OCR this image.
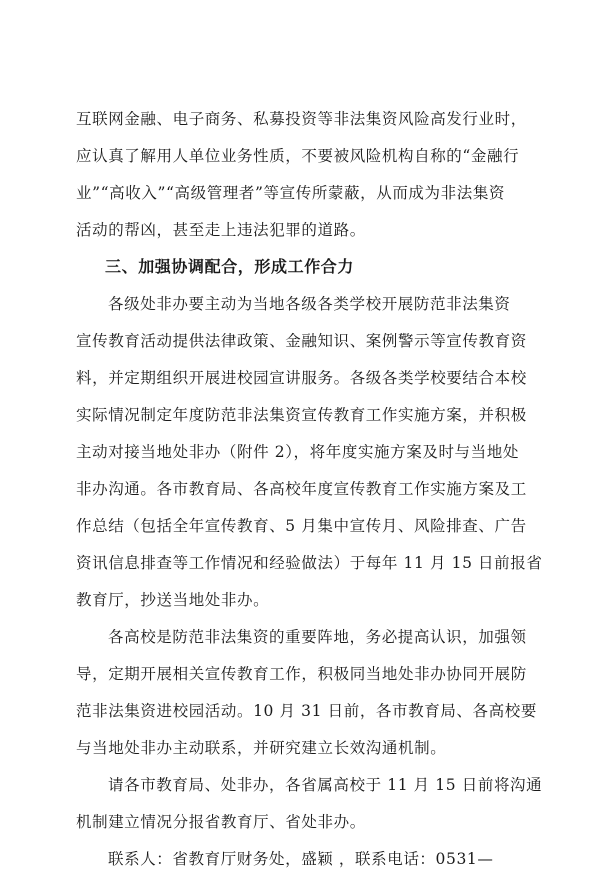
互联网金融、电子商务、私募投资等非法集资风险高发行业时，
应认真了解用人单位业务性质，不要被风险机构自称的“金融行
业”“高收入”“高级管理者”等宣传所蒙蔽，从而成为非法集资
活动的帮凶，甚至走上违法犯罪的道路。
三、加强协调配合，形成工作合力
各级处非办要主动为当地各级各类学校开展防范非法集资
宣传教育活动提供法律政策、金融知识、案例警示等宣传教育资
料，并定期组织开展进校园宣讲服务。各级各类学校要结合本校
实际情况制定年度防范非法集资宣传教育工作实施方案，并积极
主动对接当地处非办（附件 2），将年度实施方案及时与当地处
非办沟通。各市教育局、各高校年度宣传教育工作实施方案及工
作总结（包括全年宣传教育、5 月集中宣传月、风险排查、广告
资讯信息排查等工作情况和经验做法）于每年 11 月 15 日前报省
教育厅，抄送当地处非办。
各高校是防范非法集资的重要阵地，务必提高认识，加强领
导，定期开展相关宣传教育工作，积极同当地处非办协同开展防
范非法集资进校园活动。10 月 31 日前，各市教育局、各高校要
与当地处非办主动联系，并研究建立长效沟通机制。
请各市教育局、处非办，各省属高校于 11 月 15 日前将沟通
机制建立情况分报省教育厅、省处非办。
联系人：省教育厅财务处，盛颖 ，联系电话：0531—
